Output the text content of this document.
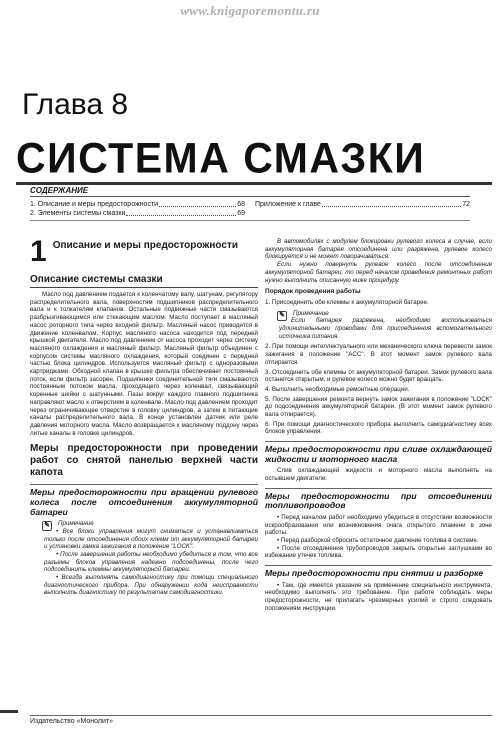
www.knigaporemontu.ru
Глава 8
СИСТЕМА СМАЗКИ
СОДЕРЖАНИЕ
1.
Описание и меры предосторожности	68
2.
Элементы системы смазки	69
Приложение к главе	72
1 Описание и меры предосторожности
Описание системы смазки
Масло под давлением подается к коленчатому валу, шатунам, регулятору распределительного вала, поверхностям подшипников распределительного вала и к толкателям клапанов. Остальные подвижные части смазываются разбрызгивающимся или стекающим маслом. Масло поступает в масляный насос роторного типа через входной фильтр. Масляный насос приводится в движение коленвалом. Корпус масляного насоса находится под передней крышкой двигателя. Масло под давлением от насоса проходит через систему масляного охлаждения и масляный фильтр. Масляный фильтр объединен с корпусом системы масляного охлаждения, который соединен с передней частью блока цилиндров. Используется масляный фильтр с одноразовыми картриджами. Обходной клапан в крышке фильтра обеспечивает постоянный поток, если фильтр засорен. Подшипники соединительной тяги смазываются постоянным потоком масла, проходящего через коленвал, связывающий коренные шейки с шатунными. Пазы вокруг каждого главного подшипника направляют масло к отверстиям в коленвале. Масло под давлением проходит через ограничивающее отверстие в головку цилиндров, а затем в питающие каналы распределительного вала. В конце установлен датчик или реле давления моторного масла. Масло возвращается к масляному поддону через литые каналы в головке цилиндров.
Меры предосторожности при проведении работ со снятой панелью верхней части капота
Меры предосторожности при вращении рулевого колеса после отсоединения аккумуляторной батареи
✎	Примечание
• Все блоки управления могут сниматься и устанавливаться только после отсоединения обоих клемм от аккумуляторной батареи и установки замка зажигания в положение "LOCK".
• После завершения работы необходимо убедиться в том, что все разъемы блоков управления надежно подсоединены, после чего подсоединить клеммы аккумуляторной батареи.
• Всегда выполнять самодиагностику при помощи специального диагностического прибора. При обнаружении кода неисправности выполнить диагностику по результатам самодиагностики.
В автомобилях с модулем блокировки рулевого колеса в случае, если аккумуляторная батарея отсоединена или разряжена, рулевое колесо блокируется и не может поворачиваться.
Если нужно повернуть рулевое колесо после отсоединения аккумуляторной батареи, то перед началом проведения ремонтных работ нужно выполнить описанную ниже процедуру.
Порядок проведения работы
1. Присоединить обе клеммы к аккумуляторной батарее.
✎	Примечание
Если батарея разряжена, необходимо воспользоваться удлинительными проводами для присоединения вспомогательного источника питания.
2. При помощи интеллектуального или механического ключа перевести замок зажигания в положение "ACC". В этот момент замок рулевого вала отпирается.
3. Отсоединить обе клеммы от аккумуляторной батареи. Замок рулевого вала останется открытым, и рулевое колесо можно будет вращать.
4. Выполнить необходимые ремонтные операции.
5. После завершения ремонта вернуть замок зажигания в положение "LOCK" до подсоединения аккумуляторной батареи. (В этот момент замок рулевого вала отпирается).
6. При помощи диагностического прибора выполнить самодиагностику всех блоков управления.
Меры предосторожности при сливе охлаждающей жидкости и моторного масла
Слив охлаждающей жидкости и моторного масла выполнять на остывшем двигателе.
Меры предосторожности при отсоединении топливопроводов
• Перед началом работ необходимо убедиться в отсутствии возможности искрообразования или возникновения очага открытого пламени в зоне работы.
• Перед разборкой сбросить остаточное давление топлива в системе.
• После отсоединения трубопроводов закрыть открытые заглушками во избежание утечек топлива.
Меры предосторожности при снятии и разборке
• Там, где имеется указание на применение специального инструмента, необходимо выполнять это требование. При работе соблюдать меры предосторожности, не прилагать чрезмерных усилий и строго следовать положениям инструкции.
Издательство «Монолит»
